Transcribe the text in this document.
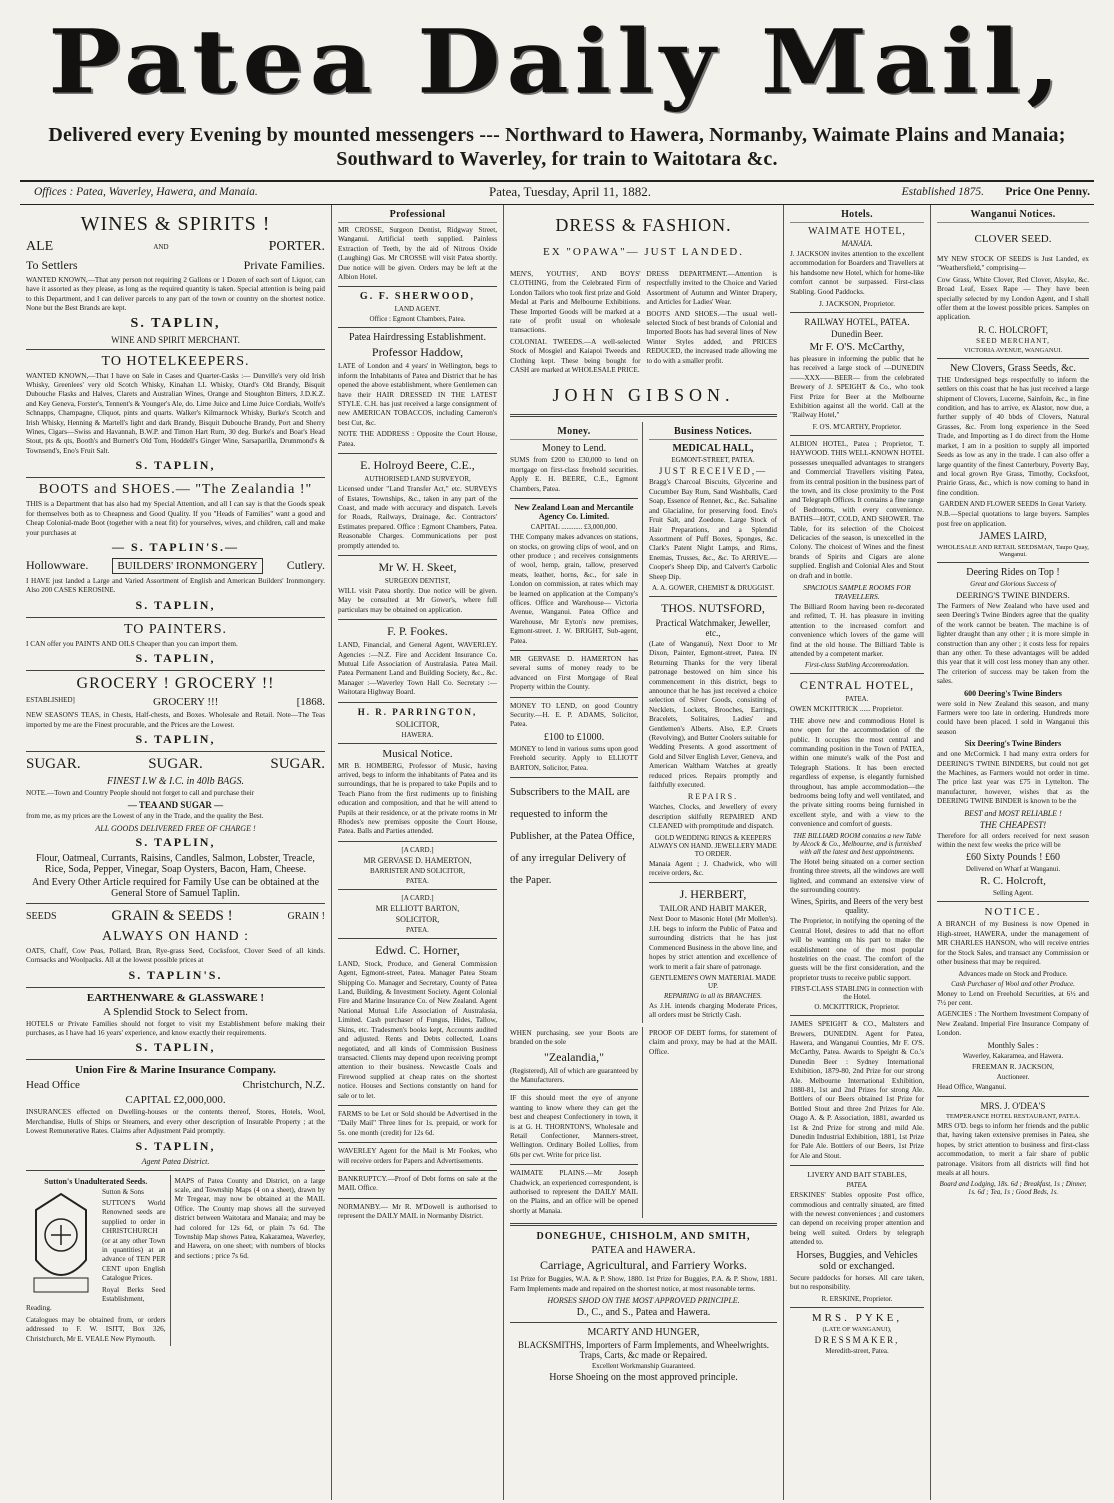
Patea Daily Mail,
Delivered every Evening by mounted messengers --- Northward to Hawera, Normanby, Waimate Plains and Manaia; Southward to Waverley, for train to Waitotara &c.
Offices : Patea, Waverley, Hawera, and Manaia.	Patea, Tuesday, April 11, 1882.	Established 1875. Price One Penny.
WINES & SPIRITS !
ALE	AND	PORTER.
To Settlers	Private Families.
WANTED KNOWN,—That any person not requiring 2 Gallons or 1 Dozen of each sort of Liquor, can have it assorted as they please, as long as the required quantity is taken. Special attention is being paid to this Department, and I can deliver parcels to any part of the town or country on the shortest notice. None but the Best Brands are kept.
S. TAPLIN,
WINE AND SPIRIT MERCHANT.
TO HOTELKEEPERS.
WANTED KNOWN,—That I have on Sale in Cases and Quarter-Casks :— Dunville's very old Irish Whisky, Greenlees' very old Scotch Whisky, Kinahan LL Whisky, Otard's Old Brandy, Bisquit Dubouche Flasks and Halves, Clarets and Australian Wines, Orange and Stoughton Bitters, J.D.K.Z. and Key Geneva, Forster's, Tennent's & Younger's Ale, do. Lime Juice and Lime Juice Cordials, Wolfe's Schnapps, Champagne, Cliquot, pints and quarts. Walker's Kilmarnock Whisky, Burke's Scotch and Irish Whisky, Henning & Martell's light and dark Brandy, Bisquit Dubouche Brandy, Port and Sherry Wines, Cigars—Swiss and Havannah, B.W.P. and Timon Hart Rum, 30 deg. Burke's and Boar's Head Stout, pts & qts, Booth's and Burnett's Old Tom, Hoddell's Ginger Wine, Sarsaparilla, Drummond's & Townsend's, Eno's Fruit Salt.
S. TAPLIN,
BOOTS and SHOES.— "The Zealandia !"
THIS is a Department that has also had my Special Attention, and all I can say is that the Goods speak for themselves both as to Cheapness and Good Quality. If you "Heads of Families" want a good and Cheap Colonial-made Boot (together with a neat fit) for yourselves, wives, and children, call and make your purchases at
— S. TAPLIN'S.—
Hollowware.	BUILDERS' IRONMONGERY	Cutlery.
I HAVE just landed a Large and Varied Assortment of English and American Builders' Ironmongery. Also 200 CASES KEROSINE.
S. TAPLIN,
TO PAINTERS.
I CAN offer you PAINTS AND OILS Cheaper than you can import them.
S. TAPLIN,
GROCERY ! GROCERY !!
ESTABLISHED]	GROCERY !!!	[1868.
NEW SEASON'S TEAS, in Chests, Half-chests, and Boxes. Wholesale and Retail. Note—The Teas imported by me are the Finest procurable, and the Prices are the Lowest.
S. TAPLIN,
SUGAR.	SUGAR.	SUGAR.
FINEST I.W & I.C. in 40lb BAGS.
NOTE.—Town and Country People should not forget to call and purchase their
— TEA AND SUGAR —
from me, as my prices are the Lowest of any in the Trade, and the quality the Best.
ALL GOODS DELIVERED FREE OF CHARGE !
S. TAPLIN,
Flour, Oatmeal, Currants, Raisins, Candles, Salmon, Lobster, Treacle, Rice, Soda, Pepper, Vinegar, Soap Oysters, Bacon, Ham, Cheese.
And Every Other Article required for Family Use can be obtained at the General Store of Samuel Taplin.
SEEDS	GRAIN & SEEDS !	GRAIN !
ALWAYS ON HAND :
OATS, Chaff, Cow Peas, Pollard, Bran, Rye-grass Seed, Cocksfoot, Clover Seed of all kinds. Cornsacks and Woolpacks. All at the lowest possible prices at
S. TAPLIN'S.
EARTHENWARE & GLASSWARE !
A Splendid Stock to Select from.
HOTELS or Private Families should not forget to visit my Establishment before making their purchases, as I have had 16 years' experience, and know exactly their requirements.
S. TAPLIN,
Union Fire & Marine Insurance Company.
Head Office	Christchurch, N.Z.
CAPITAL £2,000,000.
INSURANCES effected on Dwelling-houses or the contents thereof, Stores, Hotels, Wool, Merchandise, Hulls of Ships or Steamers, and every other description of Insurable Property ; at the Lowest Remunerative Rates. Claims after Adjustment Paid promptly.
S. TAPLIN,
Agent Patea District.
Sutton's Unadulterated Seeds.
Sutton & Sons
SUTTON'S World Renowned seeds are supplied to order in CHRISTCHURCH (or at any other Town in quantities) at an advance of TEN PER CENT upon English Catalogue Prices.
Royal Berks Seed Establishment, Reading.
Catalogues may be obtained from, or orders addressed to F. W. ISITT, Box 326, Christchurch, Mr E. VEALE New Plymouth.
MAPS of Patea County and District, on a large scale, and Township Maps (4 on a sheet), drawn by Mr Tregear, may now be obtained at the MAIL Office. The County map shows all the surveyed district between Waitotara and Manaia; and may be had colored for 12s 6d, or plain 7s 6d. The Township Map shows Patea, Kakaramea, Waverley, and Hawera, on one sheet; with numbers of blocks and sections ; price 7s 6d.
Professional
MR CROSSE, Surgeon Dentist, Ridgway Street, Wanganui. Artificial teeth supplied. Painless Extraction of Teeth, by the aid of Nitrous Oxide (Laughing) Gas. Mr CROSSE will visit Patea shortly. Due notice will be given. Orders may be left at the Albion Hotel.
G. F. SHERWOOD,
LAND AGENT.
Office : Egmont Chambers, Patea.
Patea Hairdressing Establishment.
Professor Haddow,
LATE of London and 4 years' in Wellington, begs to inform the Inhabitants of Patea and District that he has opened the above establishment, where Gentlemen can have their HAIR DRESSED IN THE LATEST STYLE. C.H. has just received a large consignment of new AMERICAN TOBACCOS, including Cameron's best Cut, &c.
NOTE THE ADDRESS : Opposite the Court House, Patea.
E. Holroyd Beere, C.E.,
AUTHORISED LAND SURVEYOR,
Licensed under "Land Transfer Act," etc. SURVEYS of Estates, Townships, &c., taken in any part of the Coast, and made with accuracy and dispatch. Levels for Roads, Railways, Drainage, &c. Contractors' Estimates prepared. Office : Egmont Chambers, Patea. Reasonable Charges. Communications per post promptly attended to.
Mr W. H. Skeet,
SURGEON DENTIST,
WILL visit Patea shortly. Due notice will be given. May be consulted at Mr Gower's, where full particulars may be obtained on application.
F. P. Fookes.
LAND, Financial, and General Agent, WAVERLEY. Agencies :—N.Z. Fire and Accident Insurance Co. Mutual Life Association of Australasia. Patea Mail. Patea Permanent Land and Building Society, &c., &c. Manager :—Waverley Town Hall Co. Secretary :—Waitotara Highway Board.
H. R. PARRINGTON,
SOLICITOR,
HAWERA.
Musical Notice.
MR B. HOMBERG, Professor of Music, having arrived, begs to inform the inhabitants of Patea and its surroundings, that he is prepared to take Pupils and to Teach Piano from the first rudiments up to finishing education and composition, and that he will attend to Pupils at their residence, or at the private rooms in Mr Rhodes's new premises opposite the Court House, Patea. Balls and Parties attended.
[A CARD.]
MR GERVASE D. HAMERTON,
BARRISTER AND SOLICITOR,
PATEA.
[A CARD.]
MR ELLIOTT BARTON,
SOLICITOR,
PATEA.
Edwd. C. Horner,
LAND, Stock, Produce, and General Commission Agent, Egmont-street, Patea. Manager Patea Steam Shipping Co. Manager and Secretary, County of Patea Land, Building, & Investment Society. Agent Colonial Fire and Marine Insurance Co. of New Zealand. Agent National Mutual Life Association of Australasia, Limited. Cash purchaser of Fungus, Hides, Tallow, Skins, etc. Tradesmen's books kept, Accounts audited and adjusted. Rents and Debts collected, Loans negotiated, and all kinds of Commission Business transacted. Clients may depend upon receiving prompt attention to their business. Newcastle Coals and Firewood supplied at cheap rates on the shortest notice. Houses and Sections constantly on hand for sale or to let.
FARMS to be Let or Sold should be Advertised in the "Daily Mail" Three lines for 1s. prepaid, or work for 5s. one month (credit) for 12s 6d.
WAVERLEY Agent for the Mail is Mr Fookes, who will receive orders for Papers and Advertisements.
BANKRUPTCY.—Proof of Debt forms on sale at the MAIL Office.
NORMANBY.— Mr R. M'Dowell is authorised to represent the DAILY MAIL in Normanby District.
DRESS & FASHION.
EX "OPAWA"— JUST LANDED.
MEN'S, YOUTHS', AND BOYS' CLOTHING, from the Celebrated Firm of London Tailors who took first prize and Gold Medal at Paris and Melbourne Exhibitions. These Imported Goods will be marked at a rate of profit usual on wholesale transactions.
COLONIAL TWEEDS.—A well-selected Stock of Mosgiel and Kaiapoi Tweeds and Clothing kept. These being bought for CASH are marked at WHOLESALE PRICE.
DRESS DEPARTMENT.—Attention is respectfully invited to the Choice and Varied Assortment of Autumn and Winter Drapery, and Articles for Ladies' Wear.
BOOTS AND SHOES.—The usual well-selected Stock of best brands of Colonial and Imported Boots has had several lines of New Winter Styles added, and PRICES REDUCED, the increased trade allowing me to do with a smaller profit.
JOHN GIBSON.
Money.
Money to Lend.
SUMS from £200 to £30,000 to lend on mortgage on first-class freehold securities. Apply E. H. BEERE, C.E., Egmont Chambers, Patea.
New Zealand Loan and Mercantile Agency Co. Limited.
CAPITAL ............ £3,000,000.
THE Company makes advances on stations, on stocks, on growing clips of wool, and on other produce ; and receives consignments of wool, hemp, grain, tallow, preserved meats, leather, horns, &c., for sale in London on commission, at rates which may be learned on application at the Company's offices. Office and Warehouse— Victoria Avenue, Wanganui. Patea Office and Warehouse, Mr Eyton's new premises, Egmont-street. J. W. BRIGHT, Sub-agent, Patea.
MR GERVASE D. HAMERTON has several sums of money ready to be advanced on First Mortgage of Real Property within the County.
MONEY TO LEND, on good Country Security.—H. E. P. ADAMS, Solicitor, Patea.
£100 to £1000.
MONEY to lend in various sums upon good Freehold security. Apply to ELLIOTT BARTON, Solicitor, Patea.
Subscribers to the MAIL are requested to inform the Publisher, at the Patea Office, of any irregular Delivery of the Paper.
Business Notices.
MEDICAL HALL,
EGMONT-STREET, PATEA.
JUST RECEIVED,—
Bragg's Charcoal Biscuits, Glycerine and Cucumber Bay Rum, Sand Washballs, Card Soap, Essence of Rennet, &c., &c. Salsaline and Glacialine, for preserving food. Eno's Fruit Salt, and Zoedone. Large Stock of Hair Preparations, and a Splendid Assortment of Puff Boxes, Sponges, &c. Clark's Patent Night Lamps, and Rims, Enemas, Trusses, &c., &c. To ARRIVE.—Cooper's Sheep Dip, and Calvert's Carbolic Sheep Dip.
A. A. GOWER, CHEMIST & DRUGGIST.
THOS. NUTSFORD,
Practical Watchmaker, Jeweller, etc.,
(Late of Wanganui), Next Door to Mr Dixon, Painter, Egmont-street, Patea. IN Returning Thanks for the very liberal patronage bestowed on him since his commencement in this district, begs to announce that he has just received a choice selection of Silver Goods, consisting of Necklets, Lockets, Brooches, Earrings, Bracelets, Solitaires, Ladies' and Gentlemen's Alberts. Also, E.P. Cruets (Revolving), and Butter Coolers suitable for Wedding Presents. A good assortment of Gold and Silver English Lever, Geneva, and American Waltham Watches at greatly reduced prices. Repairs promptly and faithfully executed.
REPAIRS.
Watches, Clocks, and Jewellery of every description skilfully REPAIRED AND CLEANED with promptitude and dispatch.
GOLD WEDDING RINGS & KEEPERS ALWAYS ON HAND. JEWELLERY MADE TO ORDER.
Manaia Agent ; J. Chadwick, who will receive orders, &c.
J. HERBERT,
TAILOR AND HABIT MAKER,
Next Door to Masonic Hotel (Mr Mollen's). J.H. begs to inform the Public of Patea and surrounding districts that he has just Commenced Business in the above line, and hopes by strict attention and excellence of work to merit a fair share of patronage.
GENTLEMEN'S OWN MATERIAL MADE UP.
REPAIRING in all its BRANCHES.
As J.H. intends charging Moderate Prices, all orders must be Strictly Cash.
WHEN purchasing, see your Boots are branded on the sole
"Zealandia,"
(Registered), All of which are guaranteed by the Manufacturers.
IF this should meet the eye of anyone wanting to know where they can get the best and cheapest Confectionery in town, it is at G. H. THORNTON'S, Wholesale and Retail Confectioner, Manners-street, Wellington. Ordinary Boiled Lollies, from 60s per cwt. Write for price list.
WAIMATE PLAINS.—Mr Joseph Chadwick, an experienced correspondent, is authorised to represent the DAILY MAIL on the Plains, and an office will be opened shortly at Manaia.
PROOF OF DEBT forms, for statement of claim and proxy, may be had at the MAIL Office.
DONEGHUE, CHISHOLM, AND SMITH,
PATEA and HAWERA.
Carriage, Agricultural, and Farriery Works.
1st Prize for Buggies, W.A. & P. Show, 1880. 1st Prize for Buggies, P.A. & P. Show, 1881. Farm Implements made and repaired on the shortest notice, at most reasonable terms.
HORSES SHOD ON THE MOST APPROVED PRINCIPLE.
D., C., and S., Patea and Hawera.
MCARTY AND HUNGER,
BLACKSMITHS, Importers of Farm Implements, and Wheelwrights. Traps, Carts, &c made or Repaired.
Excellent Workmanship Guaranteed.
Horse Shoeing on the most approved principle.
Hotels.
WAIMATE HOTEL,
MANAIA.
J. JACKSON invites attention to the excellent accommodation for Boarders and Travellers at his handsome new Hotel, which for home-like comfort cannot be surpassed. First-class Stabling. Good Paddocks.
J. JACKSON, Proprietor.
RAILWAY HOTEL, PATEA.
Dunedin Beer.
Mr F. O'S. McCarthy,
has pleasure in informing the public that he has received a large stock of —DUNEDIN——XXX——BEER— from the celebrated Brewery of J. SPEIGHT & Co., who took First Prize for Beer at the Melbourne Exhibition against all the world. Call at the "Railway Hotel,"
F. O'S. M'CARTHY, Proprietor.
ALBION HOTEL, Patea ; Proprietor, T. HAYWOOD. THIS WELL-KNOWN HOTEL possesses unequalled advantages to strangers and Commercial Travellers visiting Patea, from its central position in the business part of the town, and its close proximity to the Post and Telegraph Offices. It contains a fine range of Bedrooms, with every convenience. BATHS—HOT, COLD, AND SHOWER. The Table, for its selection of the Choicest Delicacies of the season, is unexcelled in the Colony. The choicest of Wines and the finest brands of Spirits and Cigars are alone supplied. English and Colonial Ales and Stout on draft and in bottle.
SPACIOUS SAMPLE ROOMS FOR TRAVELLERS.
The Billiard Room having been re-decorated and refitted, T. H. has pleasure in inviting attention to the increased comfort and convenience which lovers of the game will find at the old house. The Billiard Table is attended by a competent marker.
First-class Stabling Accommodation.
CENTRAL HOTEL,
PATEA.
OWEN MCKITTRICK ...... Proprietor.
THE above new and commodious Hotel is now open for the accommodation of the public. It occupies the most central and commanding position in the Town of PATEA, within one minute's walk of the Post and Telegraph Stations. It has been erected regardless of expense, is elegantly furnished throughout, has ample accommodation—the bedrooms being lofty and well ventilated, and the private sitting rooms being furnished in excellent style, and with a view to the convenience and comfort of guests.
THE BILLIARD ROOM contains a new Table by Alcock & Co., Melbourne, and is furnished with all the latest and best appointments.
The Hotel being situated on a corner section fronting three streets, all the windows are well lighted, and command an extensive view of the surrounding country.
Wines, Spirits, and Beers of the very best quality.
The Proprietor, in notifying the opening of the Central Hotel, desires to add that no effort will be wanting on his part to make the establishment one of the most popular hostelries on the coast. The comfort of the guests will be the first consideration, and the proprietor trusts to receive public support.
FIRST-CLASS STABLING in connection with the Hotel.
O. MCKITTRICK, Proprietor.
JAMES SPEIGHT & CO., Maltsters and Brewers, DUNEDIN. Agent for Patea, Hawera, and Wanganui Counties, Mr F. O'S. McCarthy, Patea. Awards to Speight & Co.'s Dunedin Beer : Sydney International Exhibition, 1879-80, 2nd Prize for our strong Ale. Melbourne International Exhibition, 1880-81, 1st and 2nd Prizes for strong Ale. Bottlers of our Beers obtained 1st Prize for Bottled Stout and three 2nd Prizes for Ale. Otago A. & P. Association, 1881, awarded us 1st & 2nd Prize for strong and mild Ale. Dunedin Industrial Exhibition, 1881, 1st Prize for Pale Ale. Bottlers of our Beers, 1st Prize for Ale and Stout.
LIVERY AND BAIT STABLES,
PATEA.
ERSKINES' Stables opposite Post office, commodious and centrally situated, are fitted with the newest conveniences ; and customers can depend on receiving proper attention and being well suited. Orders by telegraph attended to.
Horses, Buggies, and Vehicles sold or exchanged.
Secure paddocks for horses. All care taken, but no responsibility.
R. ERSKINE, Proprietor.
MRS. PYKE,
(LATE OF WANGANUI),
DRESSMAKER,
Meredith-street, Patea.
Wanganui Notices.
CLOVER SEED.
MY NEW STOCK OF SEEDS is Just Landed, ex "Weathersfield," comprising—
Cow Grass, White Clover, Red Clover, Alsyke, &c. Broad Leaf, Essex Rape — They have been specially selected by my London Agent, and I shall offer them at the lowest possible prices. Samples on application.
R. C. HOLCROFT,
SEED MERCHANT,
VICTORIA AVENUE, WANGANUI.
New Clovers, Grass Seeds, &c.
THE Undersigned begs respectfully to inform the settlers on this coast that he has just received a large shipment of Clovers, Lucerne, Sainfoin, &c., in fine condition, and has to arrive, ex Alastor, now due, a further supply of 40 bbds of Clovers, Natural Grasses, &c. From long experience in the Seed Trade, and Importing as I do direct from the Home market, I am in a position to supply all imported Seeds as low as any in the trade. I can also offer a large quantity of the finest Canterbury, Poverty Bay, and local grown Rye Grass, Timothy, Cocksfoot, Prairie Grass, &c., which is now coming to hand in fine condition.
GARDEN AND FLOWER SEEDS In Great Variety.
N.B.—Special quotations to large buyers. Samples post free on application.
JAMES LAIRD,
WHOLESALE AND RETAIL SEEDSMAN, Taupo Quay, Wanganui.
Deering Rides on Top !
Great and Glorious Success of
DEERING'S TWINE BINDERS.
The Farmers of New Zealand who have used and seen Deering's Twine Binders agree that the quality of the work cannot be beaten. The machine is of lighter draught than any other ; it is more simple in construction than any other ; it costs less for repairs than any other. To these advantages will be added this year that it will cost less money than any other. The criterion of success may be taken from the sales.
600 Deering's Twine Binders
were sold in New Zealand this season, and many Farmers were too late in ordering. Hundreds more could have been placed. I sold in Wanganui this season
Six Deering's Twine Binders
and one McCormick. I had many extra orders for DEERING'S TWINE BINDERS, but could not get the Machines, as Farmers would not order in time. The price last year was £75 in Lyttelton. The manufacturer, however, wishes that as the DEERING TWINE BINDER is known to be the
BEST and MOST RELIABLE !
THE CHEAPEST!
Therefore for all orders received for next season within the next few weeks the price will be
£60 Sixty Pounds ! £60
Delivered on Wharf at Wanganui.
R. C. Holcroft,
Selling Agent.
NOTICE.
A BRANCH of my Business is now Opened in High-street, HAWERA, under the management of MR CHARLES HANSON, who will receive entries for the Stock Sales, and transact any Commission or other business that may be required.
Advances made on Stock and Produce.
Cash Purchaser of Wool and other Produce.
Money to Lend on Freehold Securities, at 6½ and 7½ per cent.
AGENCIES : The Northern Investment Company of New Zealand. Imperial Fire Insurance Company of London.
Monthly Sales :
Waverley, Kakaramea, and Hawera.
FREEMAN R. JACKSON,
Auctioneer.
Head Office, Wanganui.
MRS. J. O'DEA'S
TEMPERANCE HOTEL RESTAURANT, PATEA.
MRS O'D. begs to inform her friends and the public that, having taken extensive premises in Patea, she hopes, by strict attention to business and first-class accommodation, to merit a fair share of public patronage. Visitors from all districts will find hot meals at all hours.
Board and Lodging, 18s. 6d ; Breakfast, 1s ; Dinner, 1s. 6d ; Tea, 1s ; Good Beds, 1s.
